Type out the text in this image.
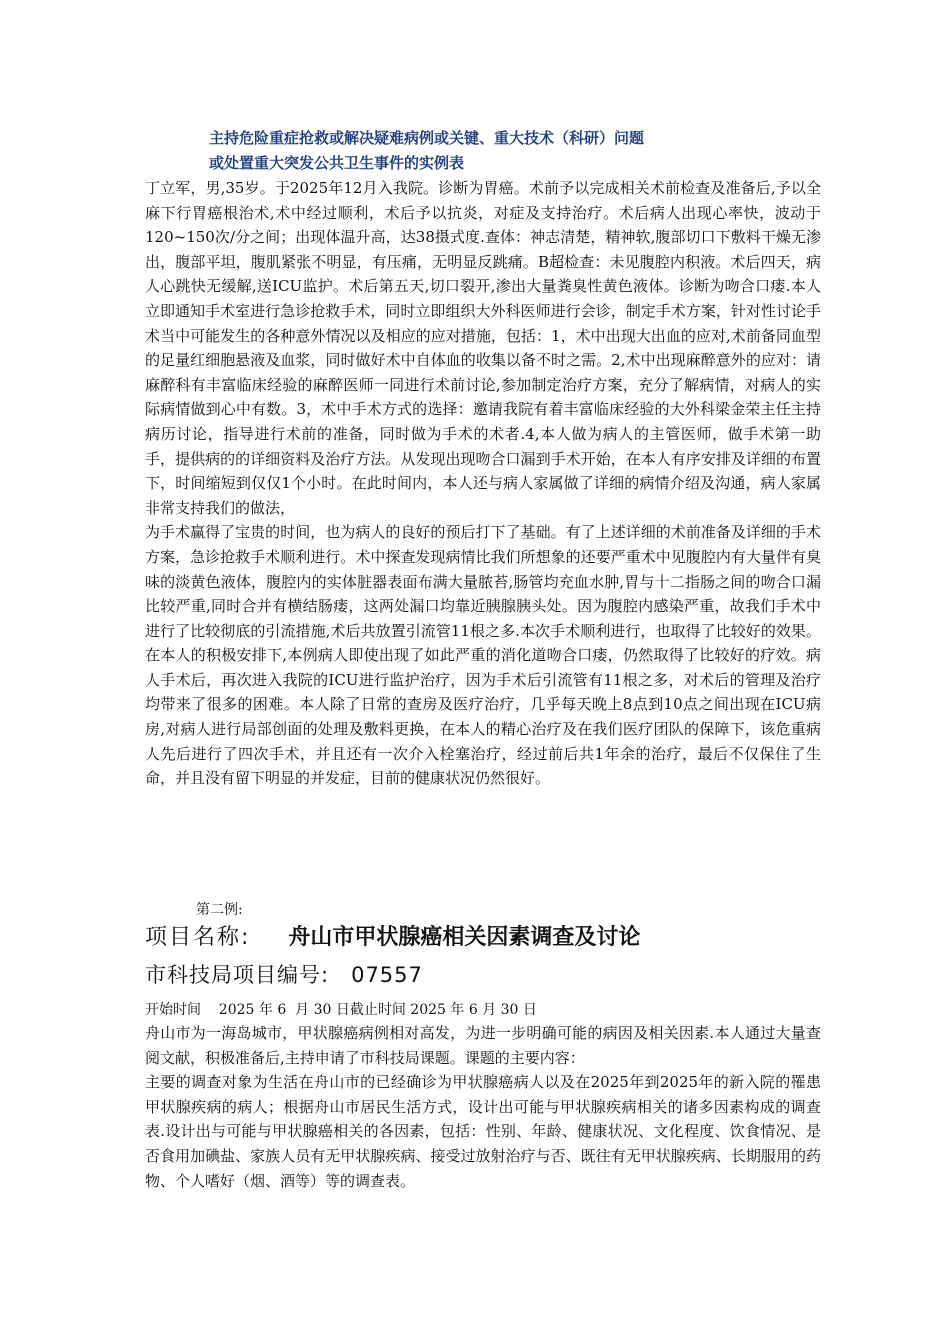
主持危险重症抢救或解决疑难病例或关键、重大技术（科研）问题
或处置重大突发公共卫生事件的实例表

丁立军，男,35岁。于2025年12月入我院。诊断为胃癌。术前予以完成相关术前检查及准备后,予以全麻下行胃癌根治术,术中经过顺利，术后予以抗炎，对症及支持治疗。术后病人出现心率快，波动于120~150次/分之间；出现体温升高，达38摄式度.查体：神志清楚，精神软,腹部切口下敷料干燥无渗出，腹部平坦，腹肌紧张不明显，有压痛，无明显反跳痛。B超检查：未见腹腔内积液。术后四天，病人心跳快无缓解,送ICU监护。术后第五天,切口裂开,渗出大量粪臭性黄色液体。诊断为吻合口瘘.本人立即通知手术室进行急诊抢救手术，同时立即组织大外科医师进行会诊，制定手术方案，针对性讨论手术当中可能发生的各种意外情况以及相应的应对措施，包括：1，术中出现大出血的应对,术前备同血型的足量红细胞悬液及血浆，同时做好术中自体血的收集以备不时之需。2,术中出现麻醉意外的应对：请麻醉科有丰富临床经验的麻醉医师一同进行术前讨论,参加制定治疗方案，充分了解病情，对病人的实际病情做到心中有数。3，术中手术方式的选择：邀请我院有着丰富临床经验的大外科梁金荣主任主持病历讨论，指导进行术前的准备，同时做为手术的术者.4,本人做为病人的主管医师，做手术第一助手，提供病的的详细资料及治疗方法。从发现出现吻合口漏到手术开始，在本人有序安排及详细的布置下，时间缩短到仅仅1个小时。在此时间内，本人还与病人家属做了详细的病情介绍及沟通，病人家属非常支持我们的做法，

为手术赢得了宝贵的时间，也为病人的良好的预后打下了基础。有了上述详细的术前准备及详细的手术方案，急诊抢救手术顺利进行。术中探查发现病情比我们所想象的还要严重术中见腹腔内有大量伴有臭味的淡黄色液体，腹腔内的实体脏器表面布满大量脓苔,肠管均充血水肿,胃与十二指肠之间的吻合口漏比较严重,同时合并有横结肠瘘，这两处漏口均靠近胰腺胰头处。因为腹腔内感染严重，故我们手术中进行了比较彻底的引流措施,术后共放置引流管11根之多.本次手术顺利进行，也取得了比较好的效果。在本人的积极安排下,本例病人即使出现了如此严重的消化道吻合口瘘，仍然取得了比较好的疗效。病人手术后，再次进入我院的ICU进行监护治疗，因为手术后引流管有11根之多，对术后的管理及治疗均带来了很多的困难。本人除了日常的查房及医疗治疗，几乎每天晚上8点到10点之间出现在ICU病房,对病人进行局部创面的处理及敷料更换，在本人的精心治疗及在我们医疗团队的保障下，该危重病人先后进行了四次手术，并且还有一次介入栓塞治疗，经过前后共1年余的治疗，最后不仅保住了生命，并且没有留下明显的并发症，目前的健康状况仍然很好。

第二例:
项目名称: 舟山市甲状腺癌相关因素调查及讨论
市科技局项目编号: 07557
开始时间    2025 年 6  月 30 日截止时间 2025 年 6 月 30 日

舟山市为一海岛城市，甲状腺癌病例相对高发，为进一步明确可能的病因及相关因素.本人通过大量查阅文献，积极准备后,主持申请了市科技局课题。课题的主要内容：

主要的调查对象为生活在舟山市的已经确诊为甲状腺癌病人以及在2025年到2025年的新入院的罹患甲状腺疾病的病人；根据舟山市居民生活方式，设计出可能与甲状腺疾病相关的诸多因素构成的调查表.设计出与可能与甲状腺癌相关的各因素，包括：性别、年龄、健康状况、文化程度、饮食情况、是否食用加碘盐、家族人员有无甲状腺疾病、接受过放射治疗与否、既往有无甲状腺疾病、长期服用的药物、个人嗜好（烟、酒等）等的调查表。
